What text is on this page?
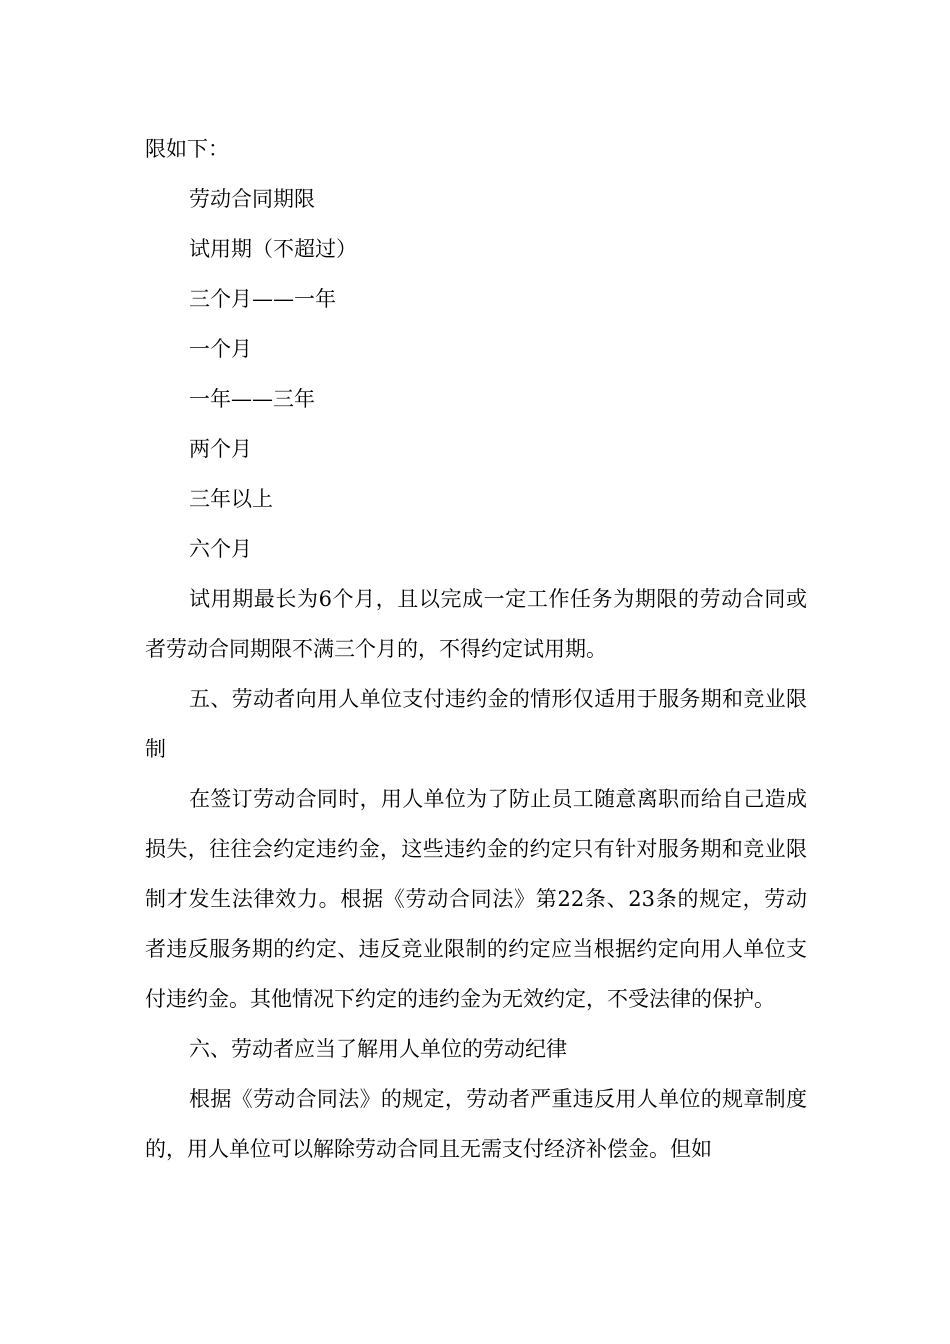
限如下：
劳动合同期限
试用期（不超过）
三个月——一年
一个月
一年——三年
两个月
三年以上
六个月

试用期最长为6个月，且以完成一定工作任务为期限的劳动合同或者劳动合同期限不满三个月的，不得约定试用期。

五、劳动者向用人单位支付违约金的情形仅适用于服务期和竞业限制

在签订劳动合同时，用人单位为了防止员工随意离职而给自己造成损失，往往会约定违约金，这些违约金的约定只有针对服务期和竞业限制才发生法律效力。根据《劳动合同法》第22条、23条的规定，劳动者违反服务期的约定、违反竞业限制的约定应当根据约定向用人单位支付违约金。其他情况下约定的违约金为无效约定，不受法律的保护。

六、劳动者应当了解用人单位的劳动纪律

根据《劳动合同法》的规定，劳动者严重违反用人单位的规章制度的，用人单位可以解除劳动合同且无需支付经济补偿金。但如
